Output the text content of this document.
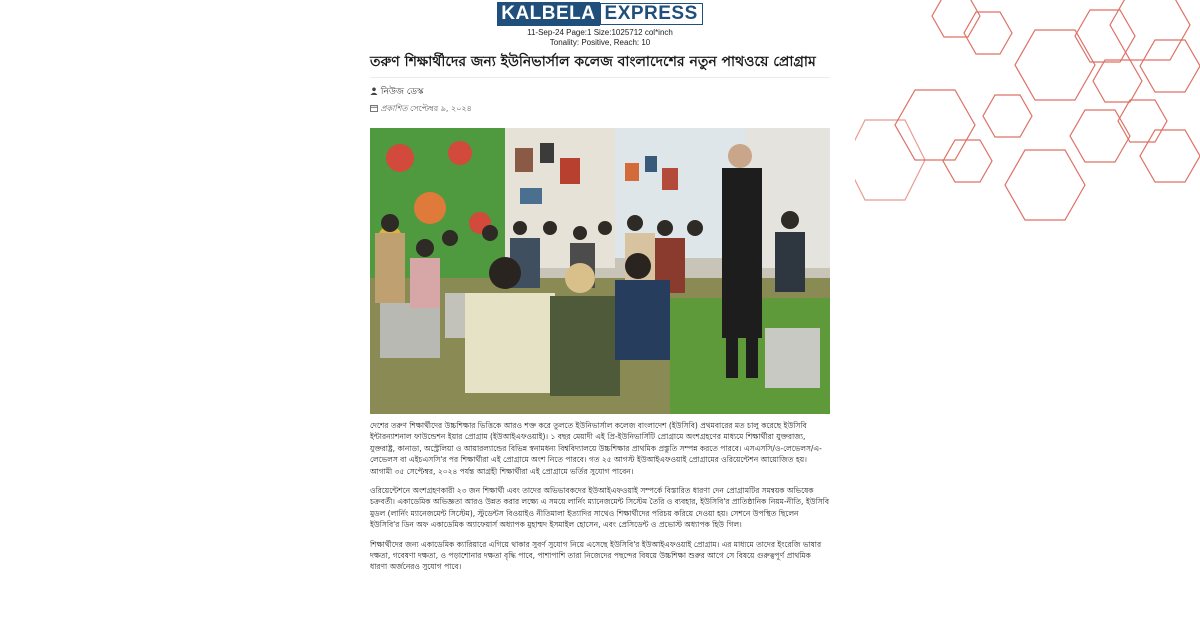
KALBELA EXPRESS
11-Sep-24 Page:1 Size:1025712 col*inch
Tonality: Positive, Reach: 10
তরুণ শিক্ষার্থীদের জন্য ইউনিভার্সাল কলেজ বাংলাদেশের নতুন পাথওয়ে প্রোগ্রাম
নিউজ ডেস্ক
প্রকাশিত সেপ্টেম্বর ৯, ২০২৪

দেশের তরুণ শিক্ষার্থীদের উচ্চশিক্ষার ভিত্তিকে আরও শক্ত করে তুলতে ইউনিভার্সাল কলেজ বাংলাদেশ (ইউসিবি) প্রথমবারের মত চালু করেছে ইউসিবি ইন্টারন্যাশনাল ফাউন্ডেশন ইয়ার প্রোগ্রাম (ইউআইএফওয়াই)। ১ বছর মেয়াদী এই প্রি-ইউনিভার্সিটি প্রোগ্রামে অংশগ্রহণের মাধ্যমে শিক্ষার্থীরা যুক্তরাজ্য, যুক্তরাষ্ট্র, কানাডা, অস্ট্রেলিয়া ও আয়ারল্যান্ডের বিভিন্ন স্বনামধন্য বিশ্ববিদ্যালয়ে উচ্চশিক্ষার প্রাথমিক প্রস্তুতি সম্পন্ন করতে পারবে। এসএসসি/ও-লেভেলস/এ-লেভেলস বা এইচএসসি'র পর শিক্ষার্থীরা এই প্রোগ্রামে অংশ নিতে পারবে। গত ২৫ আগস্ট ইউআইএফওয়াই প্রোগ্রামের ওরিয়েন্টেশন আয়োজিত হয়। আগামী ৩৫ সেপ্টেম্বর, ২০২৪ পর্যন্ত আগ্রহী শিক্ষার্থীরা এই প্রোগ্রামে ভর্তির সুযোগ পাবেন।

ওরিয়েন্টেশনে অংশগ্রহণকারী ২৩ জন শিক্ষার্থী এবং তাদের অভিভাবকদের ইউআইএফওয়াই সম্পর্কে বিস্তারিত ধারণা দেন প্রোগ্রামটির সমন্বয়ক অভিষেক চক্রবর্তী। একাডেমিক অভিজ্ঞতা আরও উন্নত করার লক্ষ্যে এ সময়ে লার্নিং ম্যানেজমেন্ট সিস্টেম তৈরি ও ব্যবহার, ইউসিবি'র প্রাতিষ্ঠানিক নিয়ম-নীতি, ইউসিবি মুডল (লার্নিং ম্যানেজমেন্ট সিস্টেম), স্টুডেন্টস বিওয়াইও নীতিমালা ইত্যাদির সাথেও শিক্ষার্থীদের পরিচয় করিয়ে দেওয়া হয়। সেশনে উপস্থিত ছিলেন ইউসিবি'র ডিন অফ একাডেমিক অ্যাফেয়ার্স অধ্যাপক মুহাম্মদ ইসমাইল হোসেন, এবং প্রেসিডেন্ট ও প্রভোস্ট অধ্যাপক হিউ গিল।

শিক্ষার্থীদের জন্য একাডেমিক ক্যারিয়ারে এগিয়ে থাকার সুবর্ণ সুযোগ নিয়ে এসেছে ইউসিবি'র ইউআইএফওয়াই প্রোগ্রাম। এর মাধ্যমে তাদের ইংরেজি ভাষার দক্ষতা, গবেষণা দক্ষতা, ও পড়াশোনার দক্ষতা বৃদ্ধি পাবে, পাশাপাশি তারা নিজেদের পছন্দের বিষয়ে উচ্চশিক্ষা শুরুর আগে সে বিষয়ে গুরুত্বপূর্ণ প্রাথমিক ধারণা অর্জনেরও সুযোগ পাবে।
